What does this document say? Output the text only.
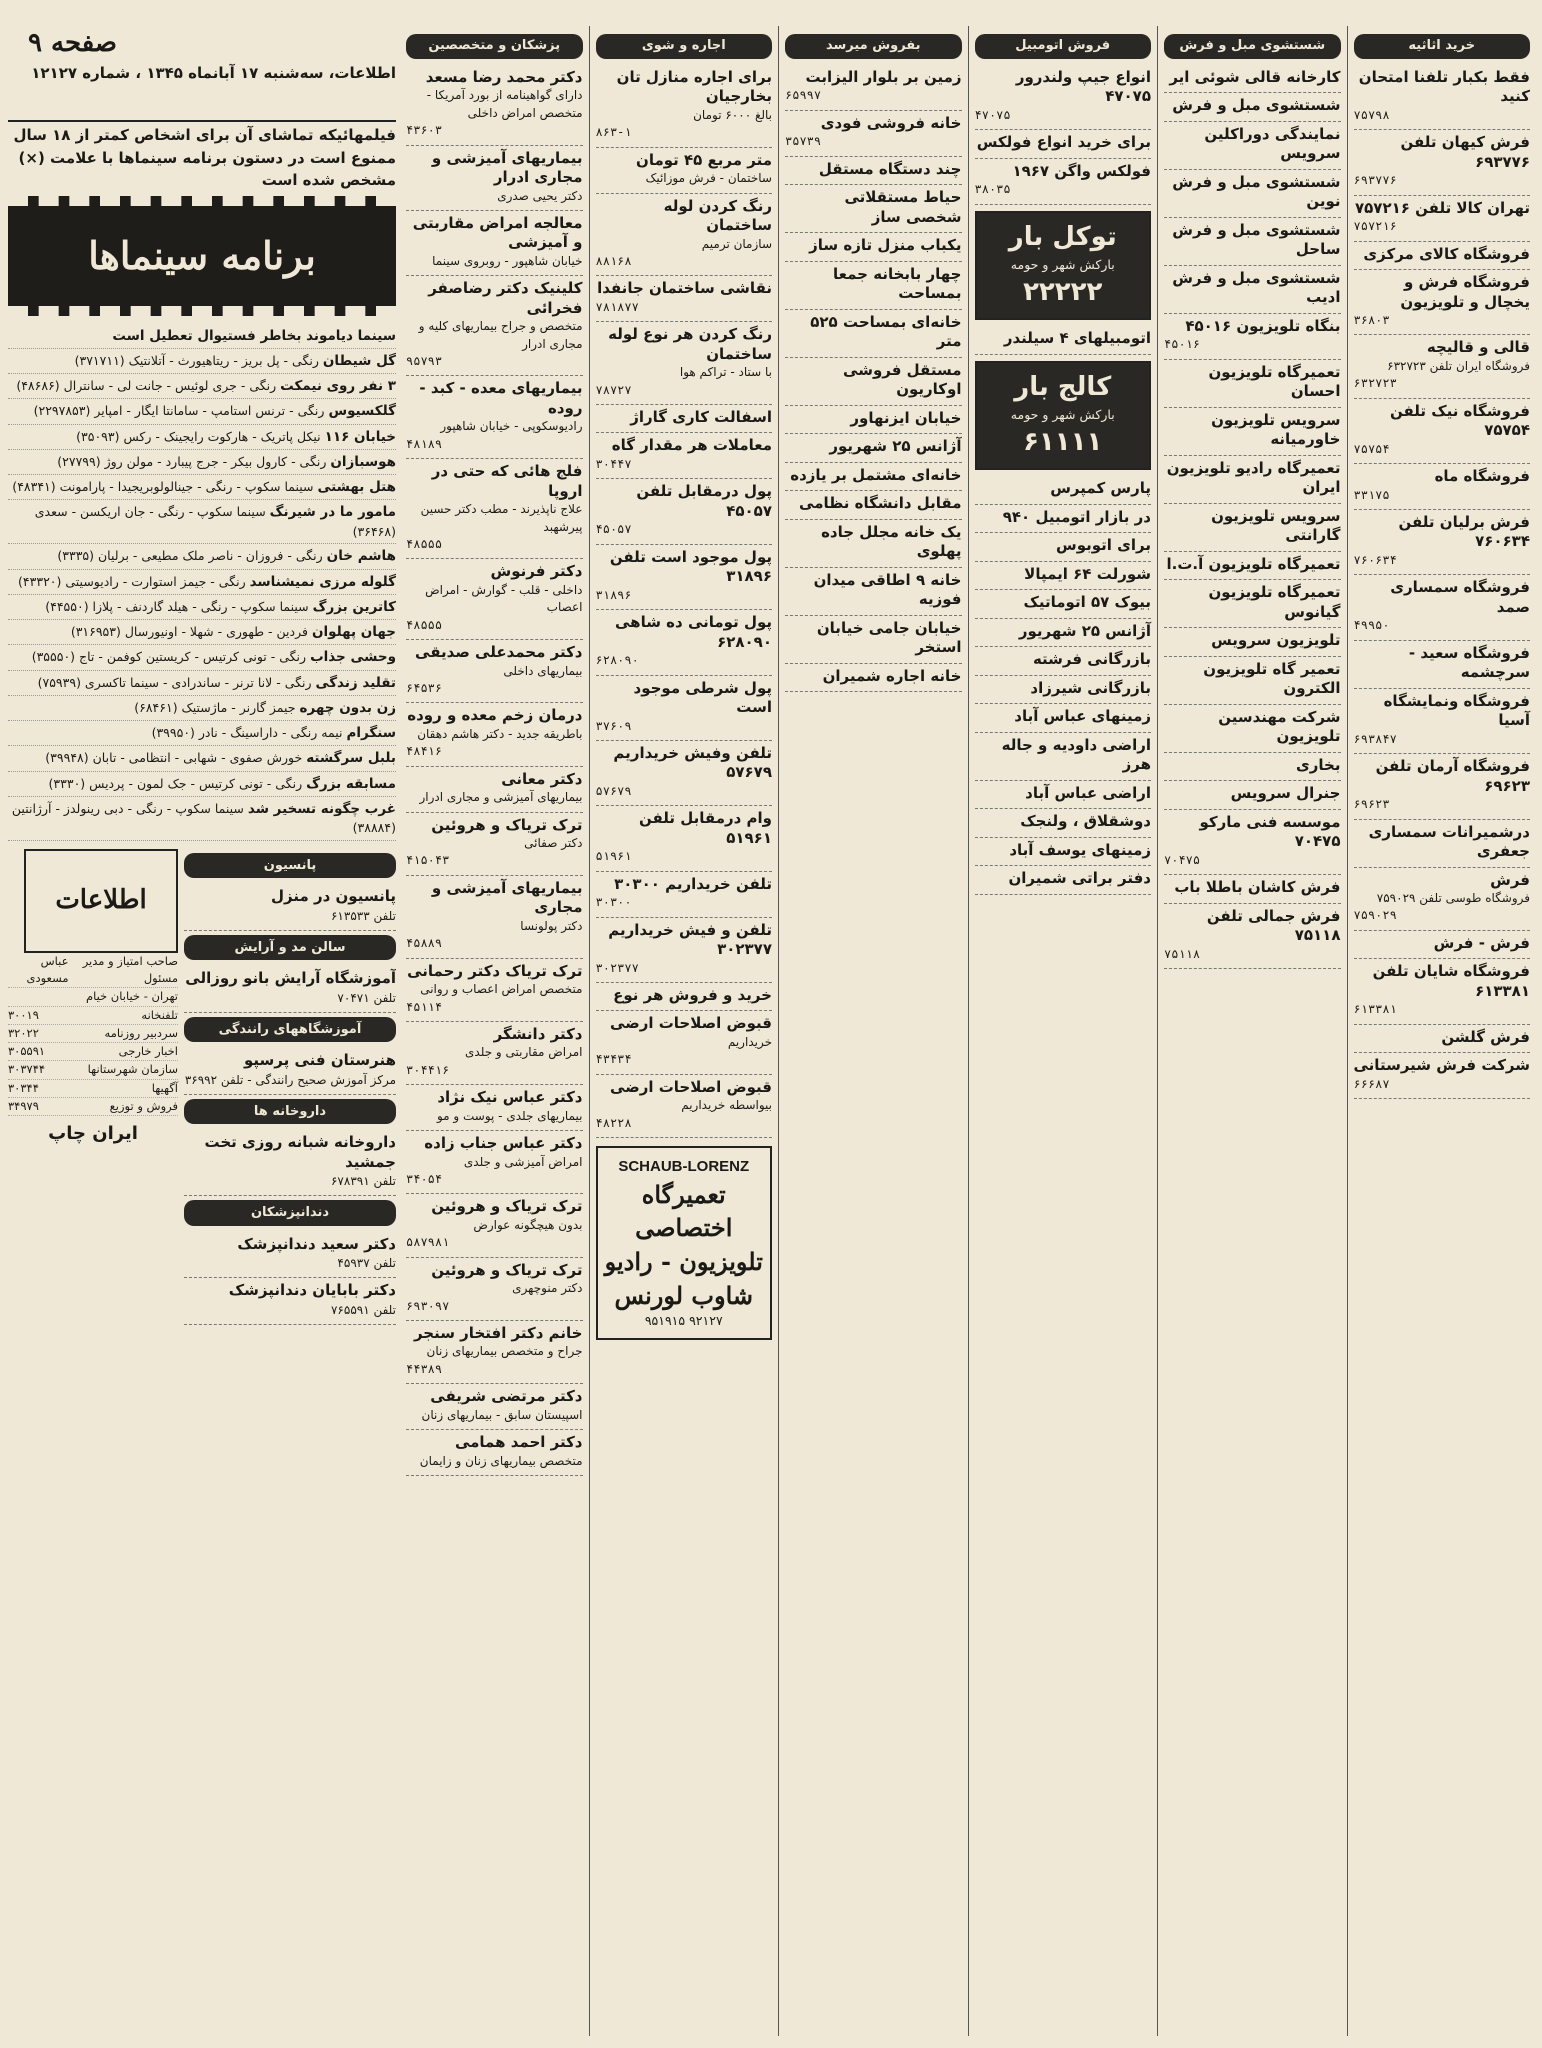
صفحه ۹
اطلاعات، سه‌شنبه ۱۷ آبانماه ۱۳۴۵ ، شماره ۱۲۱۲۷
فیلمهائیکه تماشای آن برای اشخاص کمتر از ۱۸ سال ممنوع است در دستون برنامه سینماها با علامت (×) مشخص شده است
برنامه سینماها
سینما دیاموند بخاطر فستیوال تعطیل است
گل شیطان رنگی - پل بریز - ریتاهیورث - آتلانتیک (۳۷۱۷۱۱)
۳ نفر روی نیمکت رنگی - جری لوئیس - جانت لی - سانترال (۴۸۶۸۶)
گلکسیوس رنگی - ترنس استامپ - سامانتا ایگار - امپایر (۲۲۹۷۸۵۳)
خیابان ۱۱۶ نیکل پاتریک - هارکوت رایجینک - رکس (۳۵۰۹۳)
هوسبازان رنگی - کارول بیکر - جرج پیبارد - مولن روژ (۲۷۷۹۹)
هتل بهشتی سینما سکوپ - رنگی - جینالولوبریجیدا - پارامونت (۴۸۳۴۱)
مامور ما در شیرنگ سینما سکوپ - رنگی - جان اریکسن - سعدی (۳۶۴۶۸)
هاشم خان رنگی - فروزان - ناصر ملک مطیعی - برلیان (۳۳۳۵)
گلوله مرزی نمیشناسد رنگی - جیمز استوارت - رادیوسیتی (۴۳۳۲۰)
کاترین بزرگ سینما سکوپ - رنگی - هیلد گاردنف - پلازا (۴۴۵۵۰)
جهان پهلوان فردین - طهوری - شهلا - اونیورسال (۳۱۶۹۵۳)
وحشی جذاب رنگی - تونی کرتیس - کریستین کوفمن - تاج (۳۵۵۵۰)
تقلید زندگی رنگی - لانا ترنر - ساندرادی - سینما تاکسری (۷۵۹۳۹)
زن بدون چهره جیمز گارنر - ماژستیک (۶۸۴۶۱)
سنگرام نیمه رنگی - داراسینگ - نادر (۳۹۹۵۰)
بلبل سرگشته خورش صفوی - شهابی - انتظامی - تابان (۳۹۹۴۸)
مسابقه بزرگ رنگی - تونی کرتیس - جک لمون - پردیس (۳۳۳۰)
غرب چگونه تسخیر شد سینما سکوپ - رنگی - دبی رینولدز - آرژانتین (۳۸۸۸۴)
پانسیون
پانسیون در منزل
تلفن ۶۱۳۵۳۳
سالن مد و آرایش
آموزشگاه آرایش بانو روزالی
تلفن ۷۰۴۷۱
آموزشگاههای رانندگی
هنرستان فنی پرسپو
مرکز آموزش صحیح رانندگی - تلفن ۳۶۹۹۲
داروخانه ها
داروخانه شبانه روزی تخت جمشید
تلفن ۶۷۸۳۹۱
دندانپزشکان
دکتر سعید دندانپزشک
تلفن ۴۵۹۳۷
دکتر بابایان دندانپزشک
تلفن ۷۶۵۵۹۱
اطلاعات
صاحب امتیاز و مدیر مسئول
عباس مسعودی
تهران - خیابان خیام
تلفنخانه
۳۰۰۱۹
سردبیر روزنامه
۳۲۰۲۲
اخبار خارجی
۳۰۵۵۹۱
سازمان شهرستانها
۳۰۳۷۴۴
آگهیها
۳۰۳۴۴
فروش و توزیع
۳۴۹۷۹
ایران چاپ
خرید اثاثیه
فقط بکبار تلفنا امتحان کنید
۷۵۷۹۸
فرش کیهان تلفن ۶۹۳۷۷۶
۶۹۳۷۷۶
تهران کالا تلفن ۷۵۷۲۱۶
۷۵۷۲۱۶
فروشگاه کالای مرکزی
فروشگاه فرش و یخچال و تلویزیون
۳۶۸۰۳
قالی و قالیچه
فروشگاه ایران تلفن ۶۳۲۷۲۳
۶۳۲۷۲۳
فروشگاه نیک تلفن ۷۵۷۵۴
۷۵۷۵۴
فروشگاه ماه
۳۳۱۷۵
فرش برلیان تلفن ۷۶۰۶۳۴
۷۶۰۶۳۴
فروشگاه سمساری صمد
۴۹۹۵۰
فروشگاه سعید - سرچشمه
فروشگاه ونمایشگاه آسیا
۶۹۳۸۴۷
فروشگاه آرمان تلفن ۶۹۶۲۳
۶۹۶۲۳
درشمیرانات سمساری جعفری
فرش
فروشگاه طوسی تلفن ۷۵۹۰۲۹
۷۵۹۰۲۹
فرش - فرش
فروشگاه شایان تلفن ۶۱۳۳۸۱
۶۱۳۳۸۱
فرش گلشن
شرکت فرش شیرستانی
۶۶۶۸۷
شستشوی مبل و فرش
کارخانه قالی شوئی ایر
شستشوی مبل و فرش
نمایندگی دوراکلین سرویس
شستشوی مبل و فرش نوین
شستشوی مبل و فرش ساحل
شستشوی مبل و فرش ادیب
بنگاه تلویزیون ۴۵۰۱۶
۴۵۰۱۶
تعمیرگاه تلویزیون احسان
سرویس تلویزیون خاورمیانه
تعمیرگاه رادیو تلویزیون ایران
سرویس تلویزیون گارانتی
تعمیرگاه تلویزیون آ.ت.ا
تعمیرگاه تلویزیون گیانوس
تلویزیون سرویس
تعمیر گاه تلویزیون الکترون
شرکت مهندسین تلویزیون
بخاری
جنرال سرویس
موسسه فنی مارکو ۷۰۴۷۵
۷۰۴۷۵
فرش کاشان باطلا باب
فرش جمالی تلفن ۷۵۱۱۸
۷۵۱۱۸
فروش اتومبیل
انواع جیپ ولندرور ۴۷۰۷۵
۴۷۰۷۵
برای خرید انواع فولکس
فولکس واگن ۱۹۶۷
۳۸۰۳۵
توکل بار
بارکش شهر و حومه
۲۲۲۲۲
اتومبیلهای ۴ سیلندر
کالج بار
بارکش شهر و حومه
۶۱۱۱۱
پارس کمپرس
در بازار اتومبیل ۹۴۰
برای اتوبوس
شورلت ۶۴ ایمپالا
بیوک ۵۷ اتوماتیک
آژانس ۲۵ شهریور
بازرگانی فرشته
بازرگانی شیرزاد
زمینهای عباس آباد
اراضی داودیه و جاله هرز
اراضی عباس آباد
دوشقلاق ، ولنجک
زمینهای یوسف آباد
دفتر براتی شمیران
بفروش میرسد
زمین بر بلوار الیزابت
۶۵۹۹۷
خانه فروشی فودی
۳۵۷۳۹
چند دستگاه مستقل
حیاط مستقلاتی شخصی ساز
یکباب منزل تازه ساز
چهار بابخانه جمعا بمساحت
خانه‌ای بمساحت ۵۲۵ متر
مستقل فروشی اوکاریون
خیابان ایزنهاور
آژانس ۲۵ شهریور
خانه‌ای مشتمل بر یازده
مقابل دانشگاه نظامی
یک خانه مجلل جاده پهلوی
خانه ۹ اطاقی میدان فوزیه
خیابان جامی خیابان استخر
خانه اجاره شمیران
اجاره و شوی
برای اجاره منازل تان بخارجیان
بالغ ۶۰۰۰ تومان
۸۶۳-۱
متر مربع ۴۵ تومان
ساختمان - فرش موزائیک
رنگ کردن لوله ساختمان
سازمان ترمیم
۸۸۱۶۸
نقاشی ساختمان جانفدا
۷۸۱۸۷۷
رنگ کردن هر نوع لوله ساختمان
با ستاد - تراکم هوا
۷۸۷۲۷
اسفالت کاری گاراژ
معاملات هر مقدار گاه
۳۰۴۴۷
پول درمقابل تلفن ۴۵۰۵۷
۴۵۰۵۷
پول موجود است تلفن ۳۱۸۹۶
۳۱۸۹۶
پول تومانی ده شاهی ۶۲۸۰۹۰
۶۲۸۰۹۰
پول شرطی موجود است
۳۷۶۰۹
تلفن وفیش خریداریم ۵۷۶۷۹
۵۷۶۷۹
وام درمقابل تلفن ۵۱۹۶۱
۵۱۹۶۱
تلفن خریداریم ۳۰۳۰۰
۳۰۳۰۰
تلفن و فیش خریداریم ۳۰۲۳۷۷
۳۰۲۳۷۷
خرید و فروش هر نوع
قبوض اصلاحات ارضی
خریداریم
۴۳۴۳۴
قبوض اصلاحات ارضی
بیواسطه خریداریم
۴۸۲۲۸
SCHAUB-LORENZ
تعمیرگاه اختصاصی تلویزیون - رادیو شاوب لورنس
۹۲۱۲۷ ۹۵۱۹۱۵
پزشکان و متخصصین
دکتر محمد رضا مسعد
دارای گواهینامه از بورد آمریکا - متخصص امراض داخلی
۴۳۶۰۳
بیماریهای آمیزشی و مجاری ادرار
دکتر یحیی صدری
معالجه امراض مقاربتی و آمیزشی
خیابان شاهپور - روبروی سینما
کلینیک دکتر رضاصفر فخرائی
متخصص و جراح بیماریهای کلیه و مجاری ادرار
۹۵۷۹۳
بیماریهای معده - کبد - روده
رادیوسکوپی - خیابان شاهپور
۴۸۱۸۹
فلج هائی که حتی در اروپا
علاج ناپذیرند - مطب دکتر حسین پیرشهبد
۴۸۵۵۵
دکتر فرنوش
داخلی - قلب - گوارش - امراض اعصاب
۴۸۵۵۵
دکتر محمدعلی صدیقی
بیماریهای داخلی
۶۴۵۳۶
درمان زخم معده و روده
باطریقه جدید - دکتر هاشم دهقان
۴۸۴۱۶
دکتر معانی
بیماریهای آمیزشی و مجاری ادرار
ترک تریاک و هروئین
دکتر صفائی
۴۱۵۰۴۳
بیماریهای آمیزشی و مجاری
دکتر پولونسا
۴۵۸۸۹
ترک تریاک دکتر رحمانی
متخصص امراض اعصاب و روانی
۴۵۱۱۴
دکتر دانشگر
امراض مقاربتی و جلدی
۳۰۴۴۱۶
دکتر عباس نیک نژاد
بیماریهای جلدی - پوست و مو
دکتر عباس جناب زاده
امراض آمیزشی و جلدی
۳۴۰۵۴
ترک تریاک و هروئین
بدون هیچگونه عوارض
۵۸۷۹۸۱
ترک تریاک و هروئین
دکتر منوچهری
۶۹۳۰۹۷
خانم دکتر افتخار سنجر
جراح و متخصص بیماریهای زنان
۴۴۳۸۹
دکتر مرتضی شریفی
اسپیستان سابق - بیماریهای زنان
دکتر احمد همامی
متخصص بیماریهای زنان و زایمان
